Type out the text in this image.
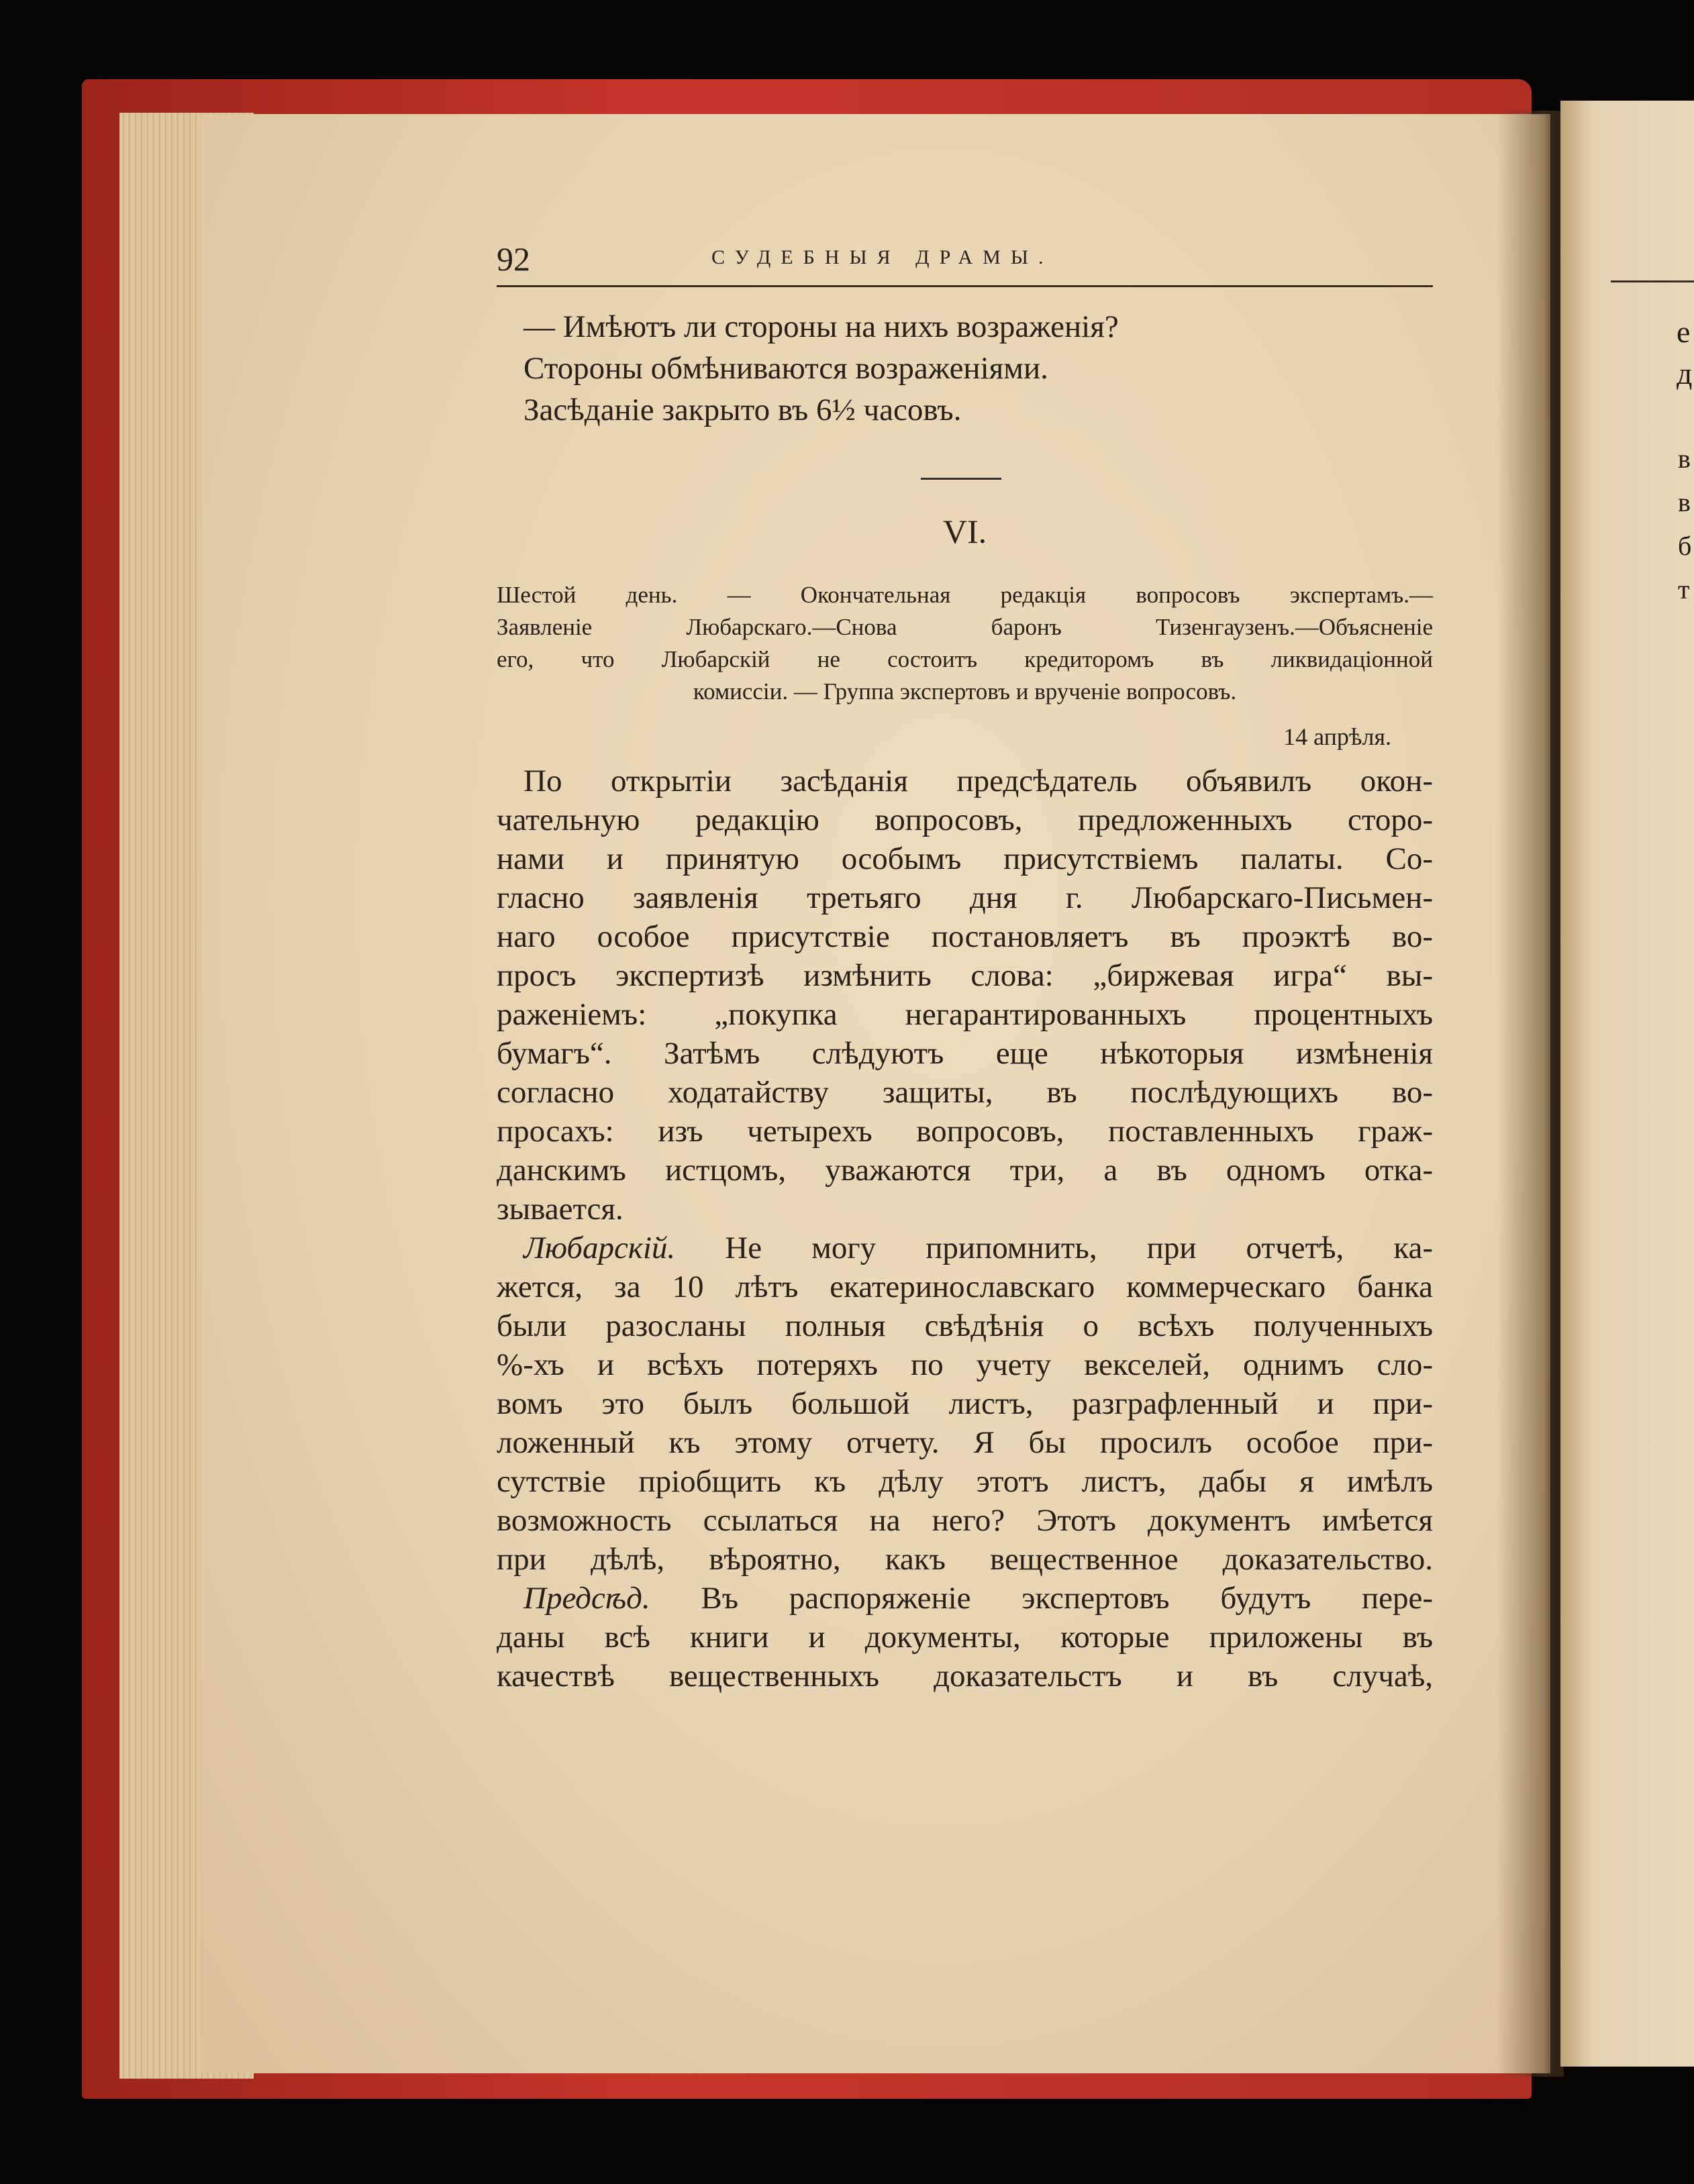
е
д
в
в
б
т
92	СУДЕБНЫЯ ДРАМЫ.
— Имѣютъ ли стороны на нихъ возраженія?
Стороны обмѣниваются возраженіями.
Засѣданіе закрыто въ 6½ часовъ.
VI.
Шестой день. — Окончательная редакція вопросовъ экспертамъ.—
Заявленіе Любарскаго.—Снова баронъ Тизенгаузенъ.—Объясненіе
его, что Любарскій не состоитъ кредиторомъ въ ликвидаціонной
комиссіи. — Группа экспертовъ и врученіе вопросовъ.
14 апрѣля.
По открытіи засѣданія предсѣдатель объявилъ окон-
чательную редакцію вопросовъ, предложенныхъ сторо-
нами и принятую особымъ присутствіемъ палаты. Со-
гласно заявленія третьяго дня г. Любарскаго-Письмен-
наго особое присутствіе постановляетъ въ проэктѣ во-
просъ экспертизѣ измѣнить слова: „биржевая игра“ вы-
раженіемъ: „покупка негарантированныхъ процентныхъ
бумагъ“. Затѣмъ слѣдуютъ еще нѣкоторыя измѣненія
согласно ходатайству защиты, въ послѣдующихъ во-
просахъ: изъ четырехъ вопросовъ, поставленныхъ граж-
данскимъ истцомъ, уважаются три, а въ одномъ отка-
зывается.
Любарскій. Не могу припомнить, при отчетѣ, ка-
жется, за 10 лѣтъ екатеринославскаго коммерческаго банка
были разосланы полныя свѣдѣнія о всѣхъ полученныхъ
%-хъ и всѣхъ потеряхъ по учету векселей, однимъ сло-
вомъ это былъ большой листъ, разграфленный и при-
ложенный къ этому отчету. Я бы просилъ особое при-
сутствіе пріобщить къ дѣлу этотъ листъ, дабы я имѣлъ
возможность ссылаться на него? Этотъ документъ имѣется
при дѣлѣ, вѣроятно, какъ вещественное доказательство.
Предсѣд. Въ распоряженіе экспертовъ будутъ пере-
даны всѣ книги и документы, которые приложены въ
качествѣ вещественныхъ доказательстъ и въ случаѣ,
